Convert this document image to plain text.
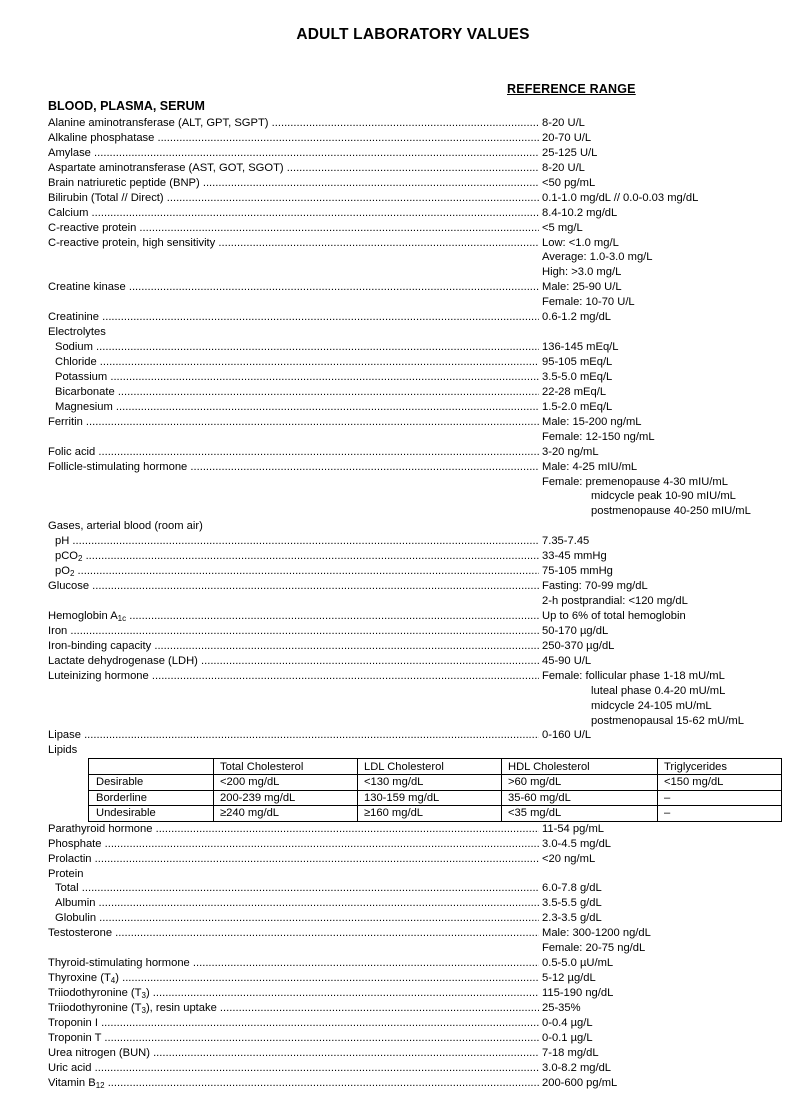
ADULT LABORATORY VALUES
REFERENCE RANGE
BLOOD, PLASMA, SERUM
Alanine aminotransferase (ALT, GPT, SGPT) .....	8-20 U/L
Alkaline phosphatase .....	20-70 U/L
Amylase .....	25-125 U/L
Aspartate aminotransferase (AST, GOT, SGOT) .....	8-20 U/L
Brain natriuretic peptide (BNP) .....	<50 pg/mL
Bilirubin (Total // Direct) .....	0.1-1.0 mg/dL // 0.0-0.03 mg/dL
Calcium .....	8.4-10.2 mg/dL
C-reactive protein .....	<5 mg/L
C-reactive protein, high sensitivity .....	Low: <1.0 mg/L
Average: 1.0-3.0 mg/L
High: >3.0 mg/L
Creatine kinase .....	Male: 25-90 U/L
Female: 10-70 U/L
Creatinine .....	0.6-1.2 mg/dL
Electrolytes
Sodium .....	136-145 mEq/L
Chloride .....	95-105 mEq/L
Potassium .....	3.5-5.0 mEq/L
Bicarbonate .....	22-28 mEq/L
Magnesium .....	1.5-2.0 mEq/L
Ferritin .....	Male: 15-200 ng/mL
Female: 12-150 ng/mL
Folic acid .....	3-20 ng/mL
Follicle-stimulating hormone .....	Male: 4-25 mIU/mL
Female: premenopause 4-30 mIU/mL
midcycle peak 10-90 mIU/mL
postmenopause 40-250 mIU/mL
Gases, arterial blood (room air)
pH .....	7.35-7.45
pCO$_2$ .....	33-45 mmHg
$pO_2$ .....	75-105 mmHg
Glucose .....	Fasting: 70-99 mg/dL
2-h postprandial: <120 mg/dL
Hemoglobin $A_{1c}$ .....	Up to 6% of total hemoglobin
Iron .....	50-170 µg/dL
Iron-binding capacity .....	250-370 µg/dL
Lactate dehydrogenase (LDH) .....	45-90 U/L
Luteinizing hormone .....	Female: follicular phase 1-18 mU/mL
luteal phase 0.4-20 mU/mL
midcycle 24-105 mU/mL
postmenopausal 15-62 mU/mL
Lipase .....	0-160 U/L
Lipids
	Total Cholesterol	LDL Cholesterol	HDL Cholesterol	Triglycerides
Desirable	<200 mg/dL	<130 mg/dL	>60 mg/dL	<150 mg/dL
Borderline	200-239 mg/dL	130-159 mg/dL	35-60 mg/dL	–
Undesirable	≥240 mg/dL	≥160 mg/dL	<35 mg/dL	–
Parathyroid hormone .....	11-54 pg/mL
Phosphate .....	3.0-4.5 mg/dL
Prolactin .....	<20 ng/mL
Protein
Total .....	6.0-7.8 g/dL
Albumin .....	3.5-5.5 g/dL
Globulin .....	2.3-3.5 g/dL
Testosterone .....	Male: 300-1200 ng/dL
Female: 20-75 ng/dL
Thyroid-stimulating hormone .....	0.5-5.0 µU/mL
Thyroxine $(T_4)$ .....	5-12 µg/dL
Triiodothyronine $(T_3)$ .....	115-190 ng/dL
Triiodothyronine $(T_3)$, resin uptake .....	25-35%
Troponin I .....	0-0.4 µg/L
Troponin T .....	0-0.1 µg/L
Urea nitrogen (BUN) .....	7-18 mg/dL
Uric acid .....	3.0-8.2 mg/dL
Vitamin $B_{12}$ .....	200-600 pg/mL
